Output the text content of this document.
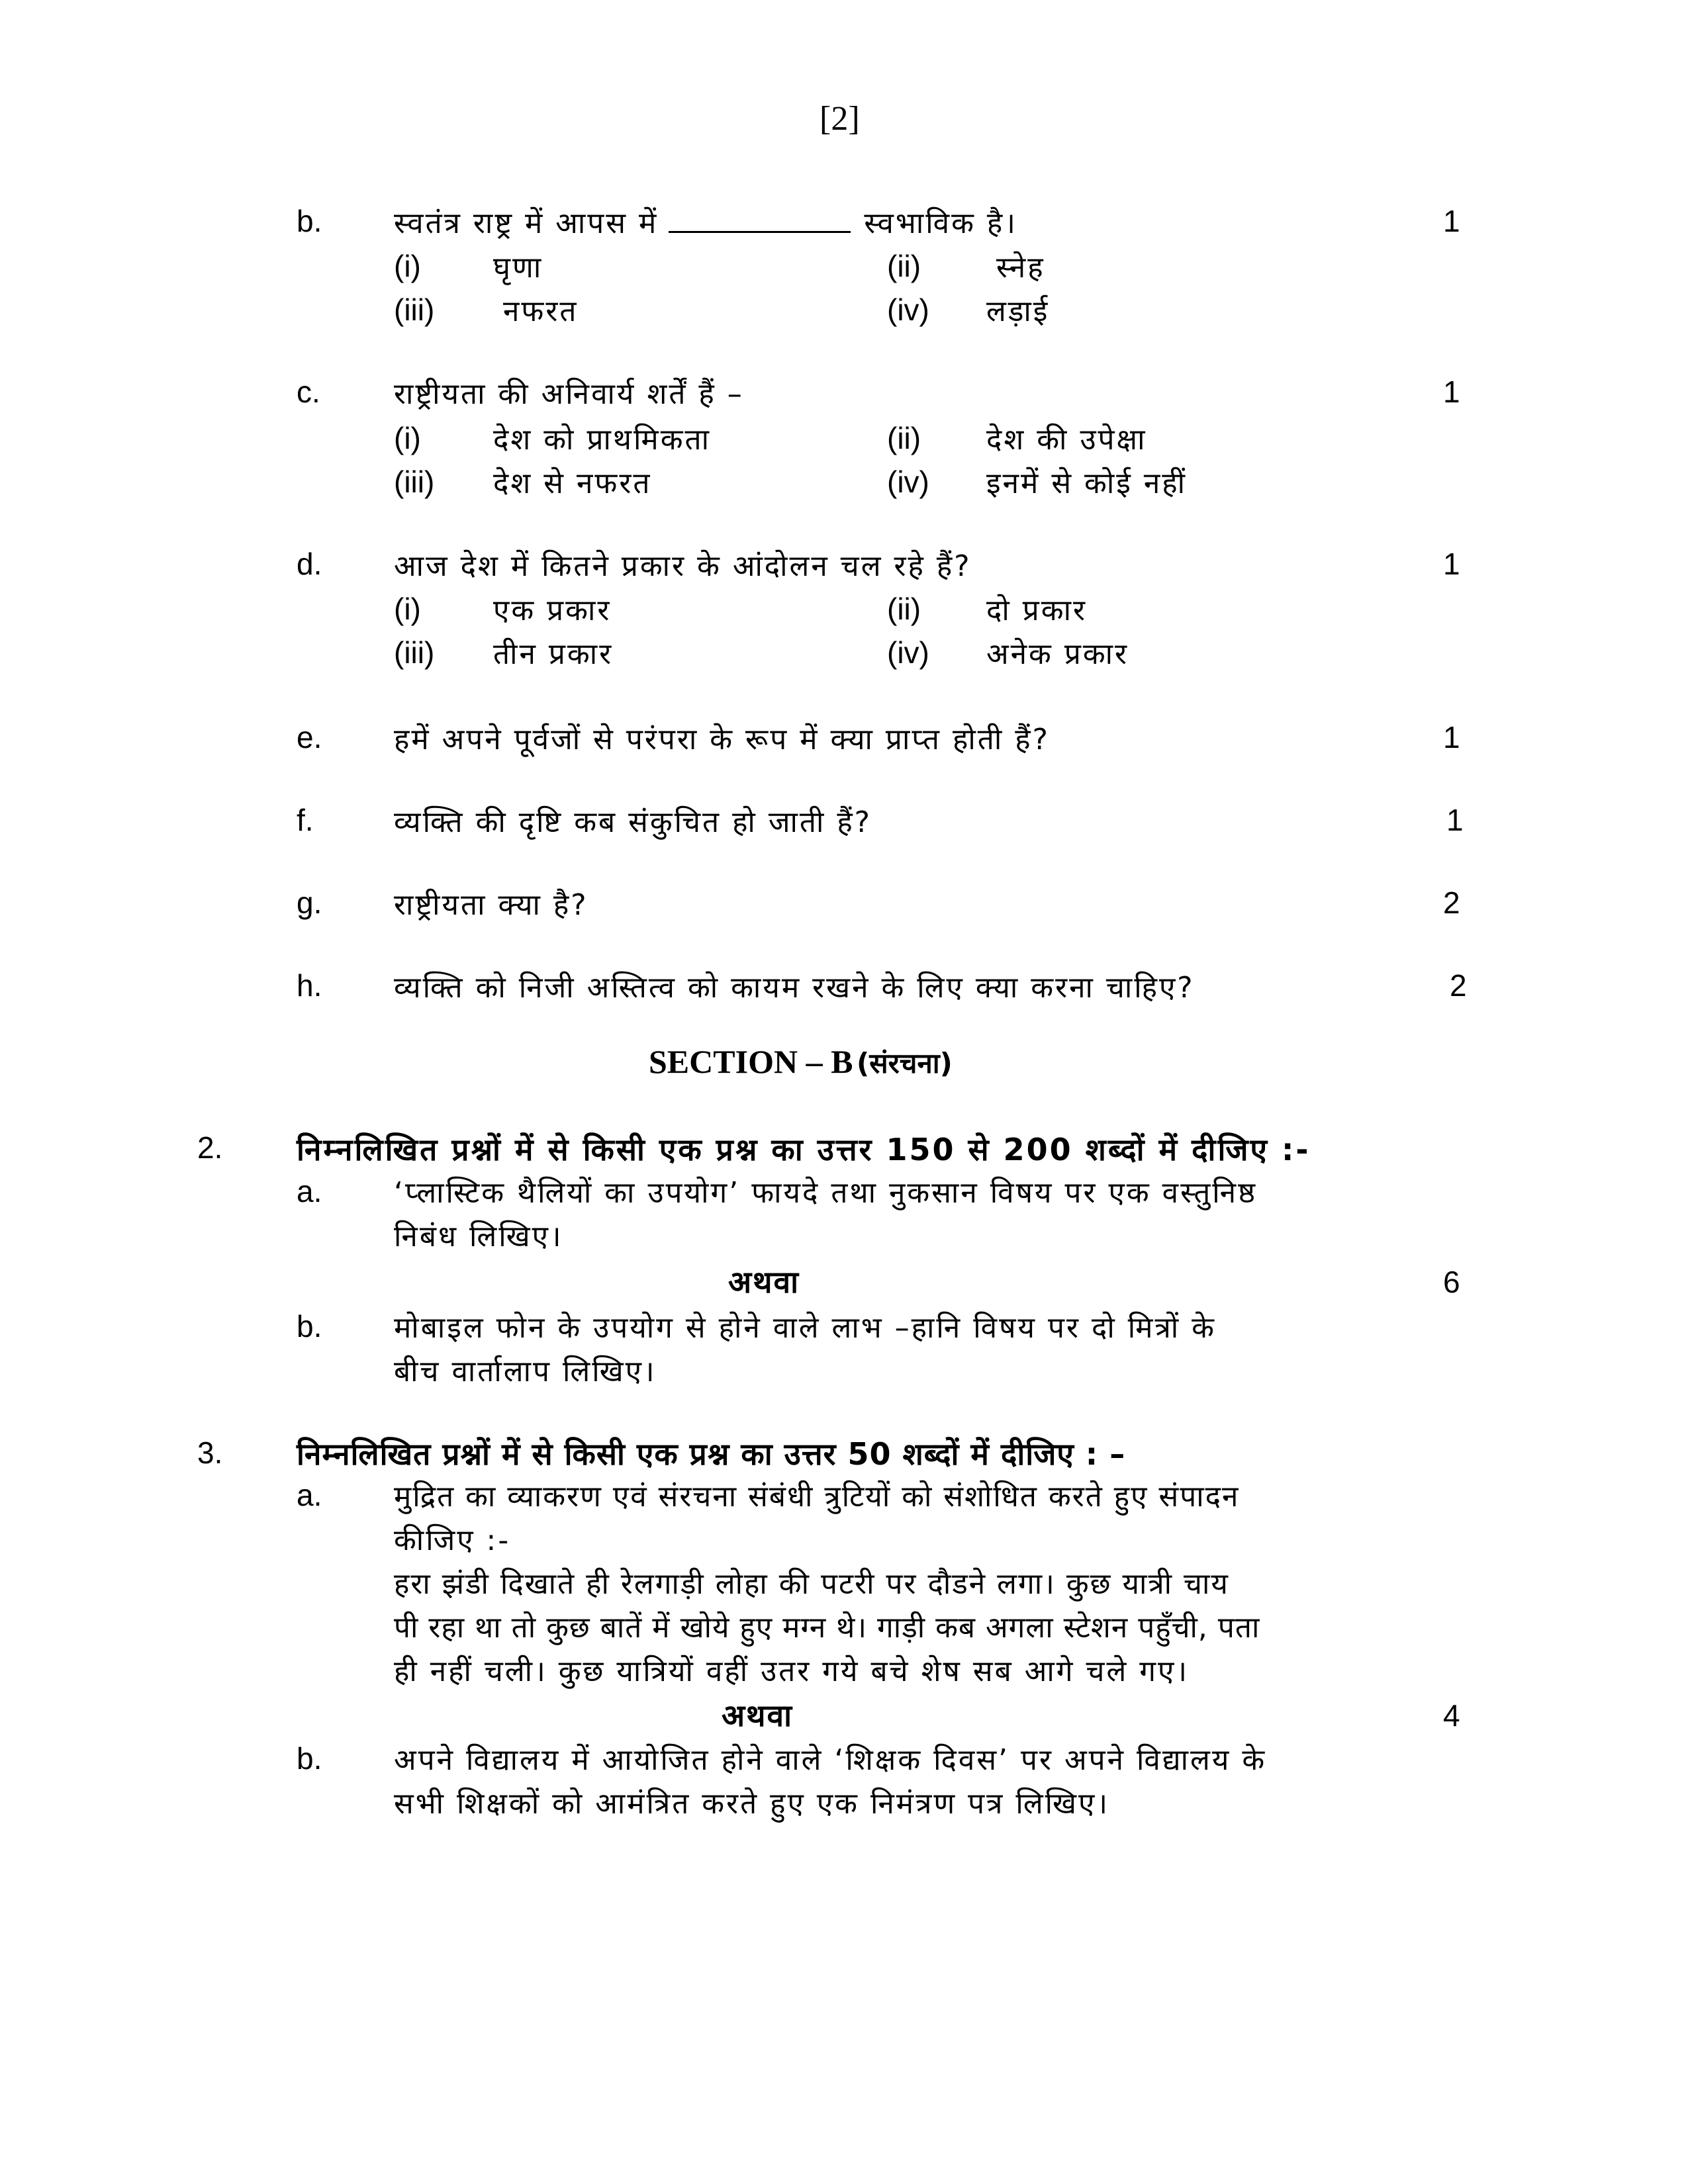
[2]
b. स्वतंत्र राष्ट्र में आपस में	स्वभाविक है।	1
(i) घृणा	(ii)	स्नेह
(iii) नफरत	(iv) लड़ाई
c.	राष्ट्रीयता की अनिवार्य शर्तें हैं –	1
(i) देश को प्राथमिकता	(ii) देश की उपेक्षा
(iii) देश से नफरत	(iv) इनमें से कोई नहीं
d. आज देश में कितने प्रकार के आंदोलन चल रहे हैं?	1
(i) एक प्रकार	(ii) दो प्रकार
(iii) तीन प्रकार	(iv) अनेक प्रकार
e. हमें अपने पूर्वजों से परंपरा के रूप में क्या प्राप्त होती हैं?	1
f.	व्यक्ति की दृष्टि कब संकुचित हो जाती हैं?	1
g. राष्ट्रीयता क्या है?	2
h. व्यक्ति को निजी अस्तित्व को कायम रखने के लिए क्या करना चाहिए?	2
SECTION – B (संरचना)
2. निम्नलिखित प्रश्नों में से किसी एक प्रश्न का उत्तर 150 से 200 शब्दों में दीजिए :-
a. ‘प्लास्टिक थैलियों का उपयोग’ फायदे तथा नुकसान विषय पर एक वस्तुनिष्ठ
निबंध लिखिए।
अथवा	6
b. मोबाइल फोन के उपयोग से होने वाले लाभ –हानि विषय पर दो मित्रों के
बीच वार्तालाप लिखिए।
3. निम्नलिखित प्रश्नों में से किसी एक प्रश्न का उत्तर 50 शब्दों में दीजिए : –
a. मुद्रित का व्याकरण एवं संरचना संबंधी त्रुटियों को संशोधित करते हुए संपादन
कीजिए :-
हरा झंडी दिखाते ही रेलगाड़ी लोहा की पटरी पर दौडने लगा। कुछ यात्री चाय
पी रहा था तो कुछ बातें में खोये हुए मग्न थे। गाड़ी कब अगला स्टेशन पहुँची, पता
ही नहीं चली। कुछ यात्रियों वहीं उतर गये बचे शेष सब आगे चले गए।
अथवा	4
b. अपने विद्यालय में आयोजित होने वाले ‘शिक्षक दिवस’ पर अपने विद्यालय के
सभी शिक्षकों को आमंत्रित करते हुए एक निमंत्रण पत्र लिखिए।
